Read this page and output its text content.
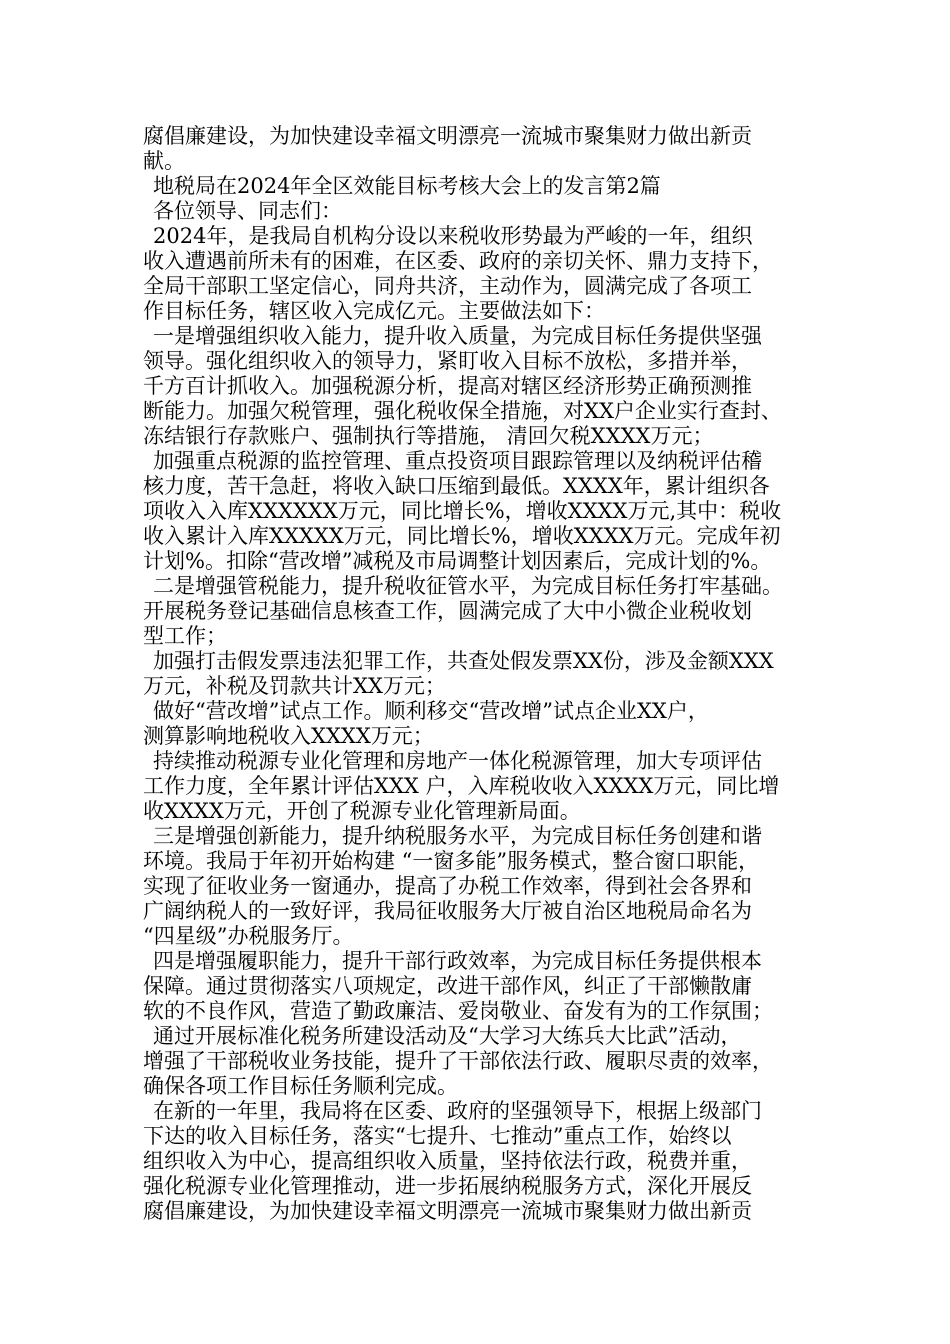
腐倡廉建设，为加快建设幸福文明漂亮一流城市聚集财力做出新贡
献。
地税局在2024年全区效能目标考核大会上的发言第2篇
各位领导、同志们：
2024年，是我局自机构分设以来税收形势最为严峻的一年，组织
收入遭遇前所未有的困难，在区委、政府的亲切关怀、鼎力支持下，
全局干部职工坚定信心，同舟共济，主动作为，圆满完成了各项工
作目标任务，辖区收入完成亿元。主要做法如下：
一是增强组织收入能力，提升收入质量，为完成目标任务提供坚强
领导。强化组织收入的领导力，紧盯收入目标不放松，多措并举，
千方百计抓收入。加强税源分析，提高对辖区经济形势正确预测推
断能力。加强欠税管理，强化税收保全措施，对XX户企业实行查封、
冻结银行存款账户、强制执行等措施， 清回欠税XXXX万元；
加强重点税源的监控管理、重点投资项目跟踪管理以及纳税评估稽
核力度，苦干急赶，将收入缺口压缩到最低。XXXX年，累计组织各
项收入入库XXXXXX万元，同比增长%，增收XXXX万元,其中：税收
收入累计入库XXXXX万元，同比增长%，增收XXXX万元。完成年初
计划%。扣除“营改增”减税及市局调整计划因素后，完成计划的%。
二是增强管税能力，提升税收征管水平，为完成目标任务打牢基础。
开展税务登记基础信息核查工作，圆满完成了大中小微企业税收划
型工作；
加强打击假发票违法犯罪工作，共查处假发票XX份，涉及金额XXX
万元，补税及罚款共计XX万元；
做好“营改增”试点工作。顺利移交“营改增”试点企业XX户，
测算影响地税收入XXXX万元；
持续推动税源专业化管理和房地产一体化税源管理，加大专项评估
工作力度，全年累计评估XXX 户，入库税收收入XXXX万元，同比增
收XXXX万元，开创了税源专业化管理新局面。
三是增强创新能力，提升纳税服务水平，为完成目标任务创建和谐
环境。我局于年初开始构建 “一窗多能”服务模式，整合窗口职能，
实现了征收业务一窗通办，提高了办税工作效率，得到社会各界和
广阔纳税人的一致好评，我局征收服务大厅被自治区地税局命名为
“四星级”办税服务厅。
四是增强履职能力，提升干部行政效率，为完成目标任务提供根本
保障。通过贯彻落实八项规定，改进干部作风，纠正了干部懒散庸
软的不良作风，营造了勤政廉洁、爱岗敬业、奋发有为的工作氛围；
通过开展标准化税务所建设活动及“大学习大练兵大比武”活动，
增强了干部税收业务技能，提升了干部依法行政、履职尽责的效率，
确保各项工作目标任务顺利完成。
在新的一年里，我局将在区委、政府的坚强领导下，根据上级部门
下达的收入目标任务，落实“七提升、七推动”重点工作，始终以
组织收入为中心，提高组织收入质量，坚持依法行政，税费并重，
强化税源专业化管理推动，进一步拓展纳税服务方式，深化开展反
腐倡廉建设，为加快建设幸福文明漂亮一流城市聚集财力做出新贡
